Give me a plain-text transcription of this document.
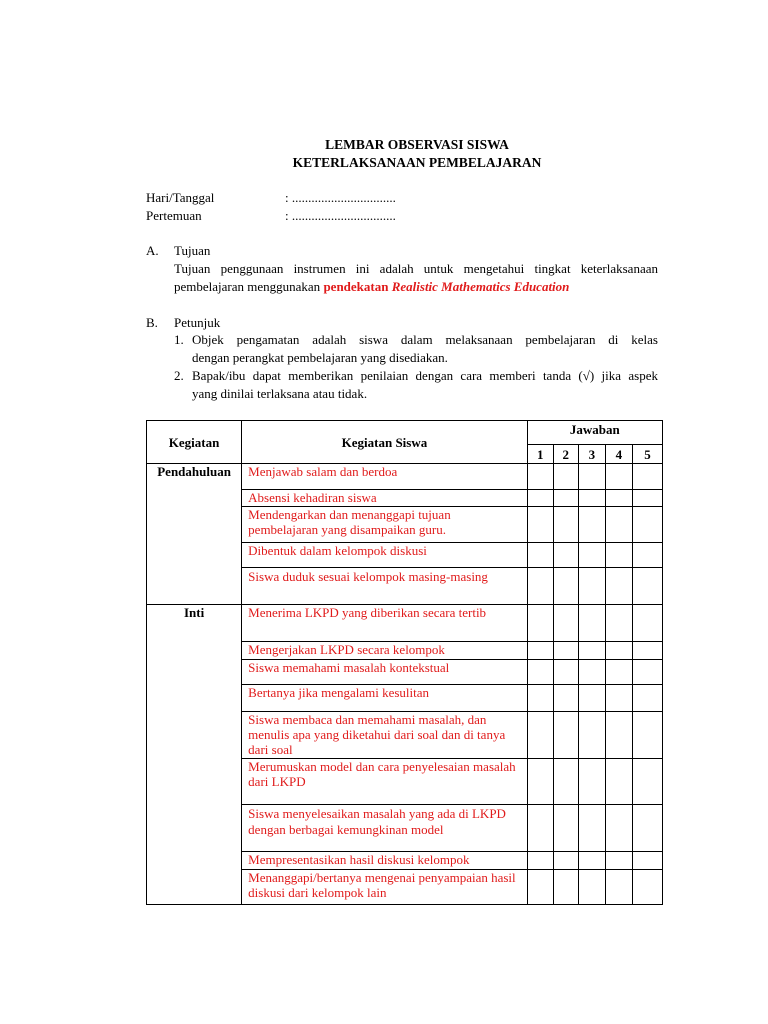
LEMBAR OBSERVASI SISWA
KETERLAKSANAAN PEMBELAJARAN
Hari/Tanggal	: ................................
Pertemuan	: ................................
A. Tujuan
Tujuan penggunaan instrumen ini adalah untuk mengetahui tingkat keterlaksanaan
pembelajaran menggunakan pendekatan Realistic Mathematics Education
B. Petunjuk
1. Objek pengamatan adalah siswa dalam melaksanaan pembelajaran di kelas
dengan perangkat pembelajaran yang disediakan.
2. Bapak/ibu dapat memberikan penilaian dengan cara memberi tanda (√) jika aspek
yang dinilai terlaksana atau tidak.
Kegiatan	Kegiatan Siswa	Jawaban				
		1	2	3	4	5
Pendahuluan	Menjawab salam dan berdoa					
	Absensi kehadiran siswa					
	Mendengarkan dan menanggapi tujuan pembelajaran yang disampaikan guru.					
	Dibentuk dalam kelompok diskusi					
	Siswa duduk sesuai kelompok masing-masing					
Inti	Menerima LKPD yang diberikan secara tertib					
	Mengerjakan LKPD secara kelompok					
	Siswa memahami masalah kontekstual					
	Bertanya jika mengalami kesulitan					
	Siswa membaca dan memahami masalah, dan menulis apa yang diketahui dari soal dan di tanya dari soal					
	Merumuskan model dan cara penyelesaian masalah dari LKPD					
	Siswa menyelesaikan masalah yang ada di LKPD dengan berbagai kemungkinan model					
	Mempresentasikan hasil diskusi kelompok					
	Menanggapi/bertanya mengenai penyampaian hasil diskusi dari kelompok lain					
